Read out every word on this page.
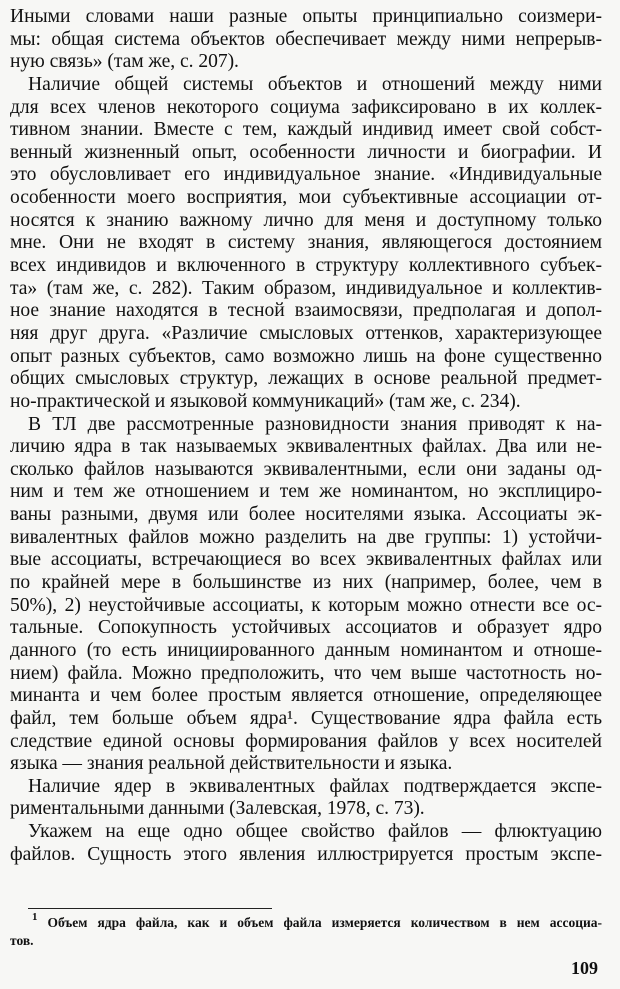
Иными словами наши разные опыты принципиально соизмери-
мы: общая система объектов обеспечивает между ними непрерыв-
ную связь» (там же, с. 207).
Наличие общей системы объектов и отношений между ними
для всех членов некоторого социума зафиксировано в их коллек-
тивном знании. Вместе с тем, каждый индивид имеет свой собст-
венный жизненный опыт, особенности личности и биографии. И
это обусловливает его индивидуальное знание. «Индивидуальные
особенности моего восприятия, мои субъективные ассоциации от-
носятся к знанию важному лично для меня и доступному только
мне. Они не входят в систему знания, являющегося достоянием
всех индивидов и включенного в структуру коллективного субъек-
та» (там же, с. 282). Таким образом, индивидуальное и коллектив-
ное знание находятся в тесной взаимосвязи, предполагая и допол-
няя друг друга. «Различие смысловых оттенков, характеризующее
опыт разных субъектов, само возможно лишь на фоне существенно
общих смысловых структур, лежащих в основе реальной предмет-
но-практической и языковой коммуникаций» (там же, с. 234).
В ТЛ две рассмотренные разновидности знания приводят к на-
личию ядра в так называемых эквивалентных файлах. Два или не-
сколько файлов называются эквивалентными, если они заданы од-
ним и тем же отношением и тем же номинантом, но эксплициро-
ваны разными, двумя или более носителями языка. Ассоциаты эк-
вивалентных файлов можно разделить на две группы: 1) устойчи-
вые ассоциаты, встречающиеся во всех эквивалентных файлах или
по крайней мере в большинстве из них (например, более, чем в
50%), 2) неустойчивые ассоциаты, к которым можно отнести все ос-
тальные. Сопокупность устойчивых ассоциатов и образует ядро
данного (то есть инициированного данным номинантом и отноше-
нием) файла. Можно предположить, что чем выше частотность но-
минанта и чем более простым является отношение, определяющее
файл, тем больше объем ядра¹. Существование ядра файла есть
следствие единой основы формирования файлов у всех носителей
языка — знания реальной действительности и языка.
Наличие ядер в эквивалентных файлах подтверждается экспе-
риментальными данными (Залевская, 1978, с. 73).
Укажем на еще одно общее свойство файлов — флюктуацию
файлов. Сущность этого явления иллюстрируется простым экспе-
$^1$ Объем ядра файла, как и объем файла измеряется количеством в нем ассоциа-
тов.
109
